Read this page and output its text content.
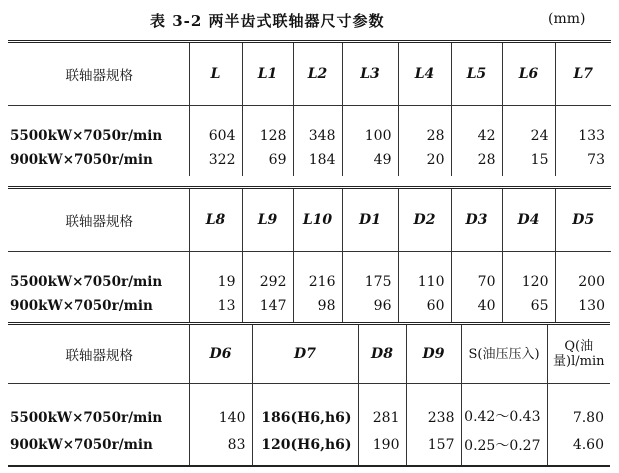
表 3-2 两半齿式联轴器尺寸参数	(mm)
联轴器规格	L	L1	L2	L3	L4	L5	L6	L7
5500kW×7050r/min	604	128	348	100	28	42	24	133
900kW×7050r/min	322	69	184	49	20	28	15	73
联轴器规格	L8	L9	L10	D1	D2	D3	D4	D5
5500kW×7050r/min	19	292	216	175	110	70	120	200
900kW×7050r/min	13	147	98	96	60	40	65	130
联轴器规格	D6	D7	D8	D9	S(油压压入)	Q(油量)l/min
5500kW×7050r/min	140	186(H6,h6)	281	238	0.42～0.43	7.80
900kW×7050r/min	83	120(H6,h6)	190	157	0.25～0.27	4.60
